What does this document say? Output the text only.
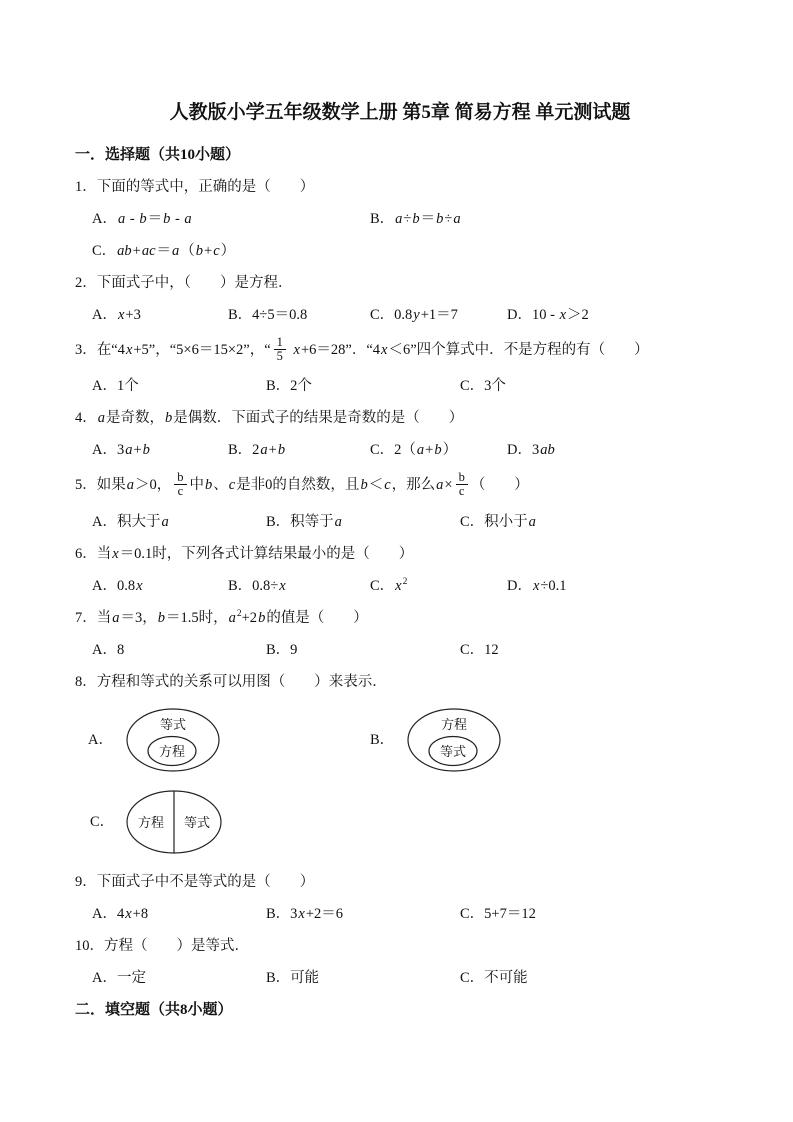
人教版小学五年级数学上册 第5章 简易方程 单元测试题
一．选择题（共10小题）
1．下面的等式中，正确的是（　　）
A．a - b＝b - a	B．a÷b＝b÷a
C．ab+ac＝a（b+c）
2．下面式子中，（　　）是方程．
A．x+3	B．4÷5＝0.8	C．0.8y+1＝7	D．10 - x＞2
3．在“4x+5”，“5×6＝15×2”，“ $\frac{1}{5} x+6=28$”．“4x＜6”四个算式中．不是方程的有（　　）
A．1个	B．2个	C．3个
4．a是奇数，b是偶数．下面式子的结果是奇数的是（　　）
A．3a+b	B．2a+b	C．2（a+b）	D．3ab
5．如果a＞0， $\frac{b}{c}$ 中b、c是非0的自然数，且b＜c，那么$a\times \frac{b}{c}$ （　　）
A．积大于a	B．积等于a	C．积小于a
6．当x＝0.1时，下列各式计算结果最小的是（　　）
A．0.8x	B．0.8÷x	C．$x^2$	D．x÷0.1
7．当a＝3，b＝1.5时，$a^2+2b$的值是（　　）
A．8	B．9	C．12
8．方程和等式的关系可以用图（　　）来表示．
A．
等式
方程
B．
方程
等式
C． 方程 等式
9．下面式子中不是等式的是（　　）
A．4x+8	B．3x+2＝6	C．5+7＝12
10．方程（　　）是等式．
A．一定	B．可能	C．不可能
二．填空题（共8小题）
